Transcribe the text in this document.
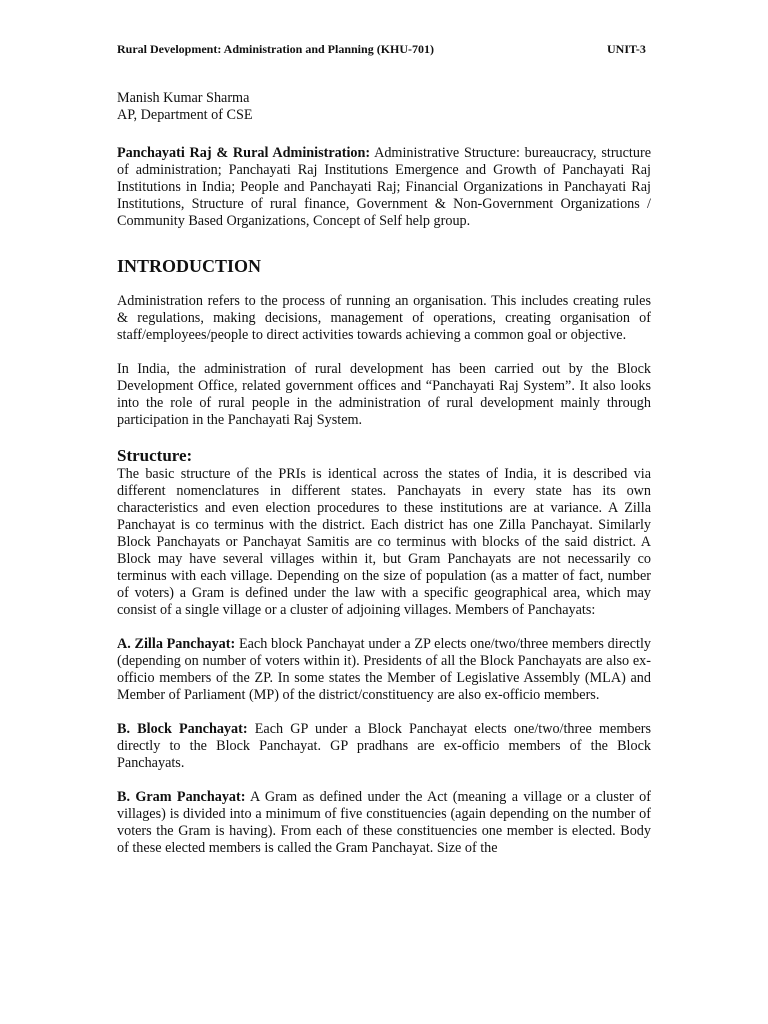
Rural Development: Administration and Planning (KHU-701)	UNIT-3
Manish Kumar Sharma
AP, Department of CSE

Panchayati Raj & Rural Administration: Administrative Structure: bureaucracy, structure of administration; Panchayati Raj Institutions Emergence and Growth of Panchayati Raj Institutions in India; People and Panchayati Raj; Financial Organizations in Panchayati Raj Institutions, Structure of rural finance, Government & Non-Government Organizations / Community Based Organizations, Concept of Self help group.

INTRODUCTION

Administration refers to the process of running an organisation. This includes creating rules & regulations, making decisions, management of operations, creating organisation of staff/employees/people to direct activities towards achieving a common goal or objective.

In India, the administration of rural development has been carried out by the Block Development Office, related government offices and “Panchayati Raj System”. It also looks into the role of rural people in the administration of rural development mainly through participation in the Panchayati Raj System.

Structure:

The basic structure of the PRIs is identical across the states of India, it is described via different nomenclatures in different states. Panchayats in every state has its own characteristics and even election procedures to these institutions are at variance. A Zilla Panchayat is co terminus with the district. Each district has one Zilla Panchayat. Similarly Block Panchayats or Panchayat Samitis are co terminus with blocks of the said district. A Block may have several villages within it, but Gram Panchayats are not necessarily co terminus with each village. Depending on the size of population (as a matter of fact, number of voters) a Gram is defined under the law with a specific geographical area, which may consist of a single village or a cluster of adjoining villages. Members of Panchayats:

A. Zilla Panchayat: Each block Panchayat under a ZP elects one/two/three members directly (depending on number of voters within it). Presidents of all the Block Panchayats are also ex-officio members of the ZP. In some states the Member of Legislative Assembly (MLA) and Member of Parliament (MP) of the district/constituency are also ex-officio members.

B. Block Panchayat: Each GP under a Block Panchayat elects one/two/three members directly to the Block Panchayat. GP pradhans are ex-officio members of the Block Panchayats.

B. Gram Panchayat: A Gram as defined under the Act (meaning a village or a cluster of villages) is divided into a minimum of five constituencies (again depending on the number of voters the Gram is having). From each of these constituencies one member is elected. Body of these elected members is called the Gram Panchayat. Size of the
